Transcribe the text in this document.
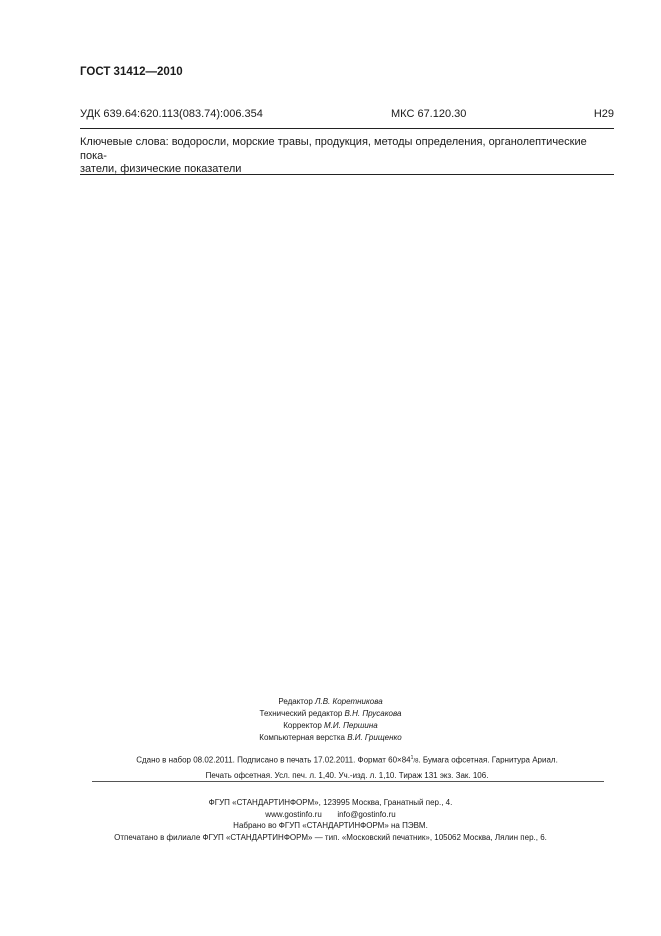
ГОСТ 31412—2010
УДК 639.64:620.113(083.74):006.354	МКС 67.120.30	Н29
Ключевые слова: водоросли, морские травы, продукция, методы определения, органолептические пока-
затели, физические показатели
Редактор Л.В. Коретникова
Технический редактор В.Н. Прусакова
Корректор М.И. Першина
Компьютерная верстка В.И. Грищенко
Сдано в набор 08.02.2011. Подписано в печать 17.02.2011. Формат $60\times 84^1/8$. Бумага офсетная. Гарнитура Ариал.
Печать офсетная. Усл. печ. л. 1,40. Уч.-изд. л. 1,10. Тираж 131 экз. Зак. 106.
ФГУП «СТАНДАРТИНФОРМ», 123995 Москва, Гранатный пер., 4.
www.gostinfo.ru info@gostinfo.ru
Набрано во ФГУП «СТАНДАРТИНФОРМ» на ПЭВМ.
Отпечатано в филиале ФГУП «СТАНДАРТИНФОРМ» — тип. «Московский печатник», 105062 Москва, Лялин пер., 6.
